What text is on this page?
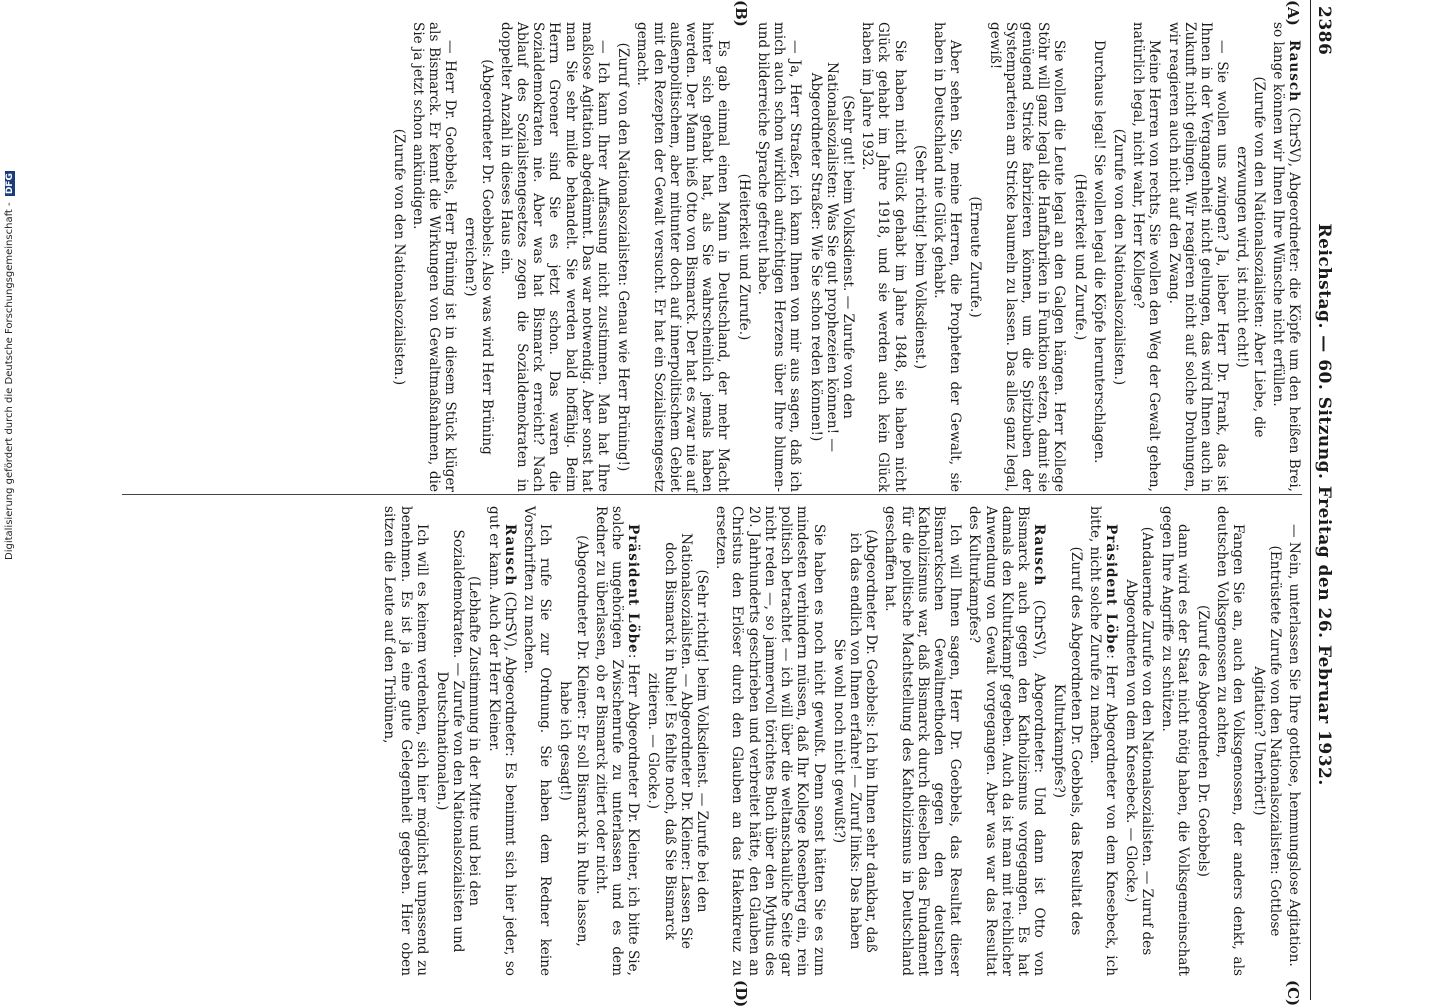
2386
Reichstag. — 60. Sitzung. Freitag den 26. Februar 1932.
(A)
(B)
(C)
(D)

Rausch (ChrSV), Abgeordneter: die Köpfe um den heißen Brei, so lange können wir Ihnen Ihre Wünsche nicht erfüllen.

(Zurufe von den Nationalsozialisten: Aber Liebe, die erzwungen wird, ist nicht echt!)

— Sie wollen uns zwingen? Ja, lieber Herr Dr. Frank, das ist Ihnen in der Vergangenheit nicht gelungen, das wird Ihnen auch in Zukunft nicht gelingen. Wir reagieren nicht auf solche Drohungen, wir reagieren auch nicht auf den Zwang.

Meine Herren von rechts, Sie wollen den Weg der Gewalt gehen, natürlich legal, nicht wahr, Herr Kollege?

(Zurufe von den Nationalsozialisten.)

Durchaus legal! Sie wollen legal die Köpfe herunterschlagen.

(Heiterkeit und Zurufe.)

Sie wollen die Leute legal an den Galgen hängen. Herr Kollege Stöhr will ganz legal die Hanffabriken in Funktion setzen, damit sie genügend Stricke fabrizieren können, um die Spitzbuben der Systemparteien am Stricke baumeln zu lassen. Das alles ganz legal, gewiß!

(Erneute Zurufe.)

Aber sehen Sie, meine Herren, die Propheten der Gewalt, sie haben in Deutschland nie Glück gehabt.

(Sehr richtig! beim Volksdienst.)

Sie haben nicht Glück gehabt im Jahre 1848, sie haben nicht Glück gehabt im Jahre 1918, und sie werden auch kein Glück haben im Jahre 1932.

(Sehr gut! beim Volksdienst. — Zurufe von den Nationalsozialisten: Was Sie gut prophezeien können! — Abgeordneter Straßer: Wie Sie schon reden können!)

— Ja, Herr Straßer, ich kann Ihnen von mir aus sagen, daß ich mich auch schon wirklich aufrichtigen Herzens über Ihre blumen- und bilderreiche Sprache gefreut habe.

(Heiterkeit und Zurufe.)

Es gab einmal einen Mann in Deutschland, der mehr Macht hinter sich gehabt hat, als Sie wahrscheinlich jemals haben werden. Der Mann hieß Otto von Bismarck. Der hat es zwar nie auf außenpolitischem, aber mitunter doch auf innerpolitischem Gebiet mit den Rezepten der Gewalt versucht. Er hat ein Sozialistengesetz gemacht.

(Zuruf von den Nationalsozialisten: Genau wie Herr Brüning!)

— Ich kann Ihrer Auffassung nicht zustimmen. Man hat Ihre maßlose Agitation abgedämmt. Das war notwendig. Aber sonst hat man Sie sehr milde behandelt. Sie werden bald hoffähig. Beim Herrn Groener sind Sie es jetzt schon. Das waren die Sozialdemokraten nie. Aber was hat Bismarck erreicht? Nach Ablauf des Sozialistengesetzes zogen die Sozialdemokraten in doppelter Anzahl in dieses Haus ein.

(Abgeordneter Dr. Goebbels: Also was wird Herr Brüning erreichen?)

— Herr Dr. Goebbels, Herr Brüning ist in diesem Stück klüger als Bismarck. Er kennt die Wirkungen von Gewaltmaßnahmen, die Sie ja jetzt schon ankündigen.

(Zurufe von den Nationalsozialisten.)

— Nein, unterlassen Sie Ihre gottlose, hemmungslose Agitation.

(Entrüstete Zurufe von den Nationalsozialisten: Gottlose Agitation? Unerhört!)

Fangen Sie an, auch den Volksgenossen, der anders denkt, als deutschen Volksgenossen zu achten,

(Zuruf des Abgeordneten Dr. Goebbels)

dann wird es der Staat nicht nötig haben, die Volksgemeinschaft gegen Ihre Angriffe zu schützen.

(Andauernde Zurufe von den Nationalsozialisten. — Zuruf des Abgeordneten von dem Knesebeck. — Glocke.)

Präsident Löbe: Herr Abgeordneter von dem Knesebeck, ich bitte, nicht solche Zurufe zu machen.

(Zuruf des Abgeordneten Dr. Goebbels, das Resultat des Kulturkampfes?)

Rausch (ChrSV), Abgeordneter: Und dann ist Otto von Bismarck auch gegen den Katholizismus vorgegangen. Es hat damals den Kulturkampf gegeben. Auch da ist man mit reichlicher Anwendung von Gewalt vorgegangen. Aber was war das Resultat des Kulturkampfes?

Ich will Ihnen sagen, Herr Dr. Goebbels, das Resultat dieser Bismarckschen Gewaltmethoden gegen den deutschen Katholizismus war, daß Bismarck durch dieselben das Fundament für die politische Machtstellung des Katholizismus in Deutschland geschaffen hat.

(Abgeordneter Dr. Goebbels: Ich bin Ihnen sehr dankbar, daß ich das endlich von Ihnen erfahre! — Zuruf links: Das haben Sie wohl noch nicht gewußt?)

Sie haben es noch nicht gewußt. Denn sonst hätten Sie es zum mindesten verhindern müssen, daß Ihr Kollege Rosenberg ein, rein politisch betrachtet — ich will über die weltanschauliche Seite gar nicht reden —, so jammervoll törichtes Buch über den Mythus des 20. Jahrhunderts geschrieben und verbreitet hätte, den Glauben an Christus den Erlöser durch den Glauben an das Hakenkreuz zu ersetzen.

(Sehr richtig! beim Volksdienst. — Zurufe bei den Nationalsozialisten. — Abgeordneter Dr. Kleiner: Lassen Sie doch Bismarck in Ruhe! Es fehlte noch, daß Sie Bismarck zitieren. — Glocke.)

Präsident Löbe: Herr Abgeordneter Dr. Kleiner, ich bitte Sie, solche ungehörigen Zwischenrufe zu unterlassen und es dem Redner zu überlassen, ob er Bismarck zitiert oder nicht.

(Abgeordneter Dr. Kleiner: Er soll Bismarck in Ruhe lassen, habe ich gesagt!)

Ich rufe Sie zur Ordnung. Sie haben dem Redner keine Vorschriften zu machen.

Rausch (ChrSV), Abgeordneter: Es benimmt sich hier jeder, so gut er kann. Auch der Herr Kleiner.

(Lebhafte Zustimmung in der Mitte und bei den Sozialdemokraten. — Zurufe von den Nationalsozialisten und Deutschnationalen.)

Ich will es keinem verdenken, sich hier möglichst unpassend zu benehmen. Es ist ja eine gute Gelegenheit gegeben. Hier oben sitzen die Leute auf den Tribünen,

Digitalisierung gefördert durch die Deutsche Forschungsgemeinschaft - DFG
